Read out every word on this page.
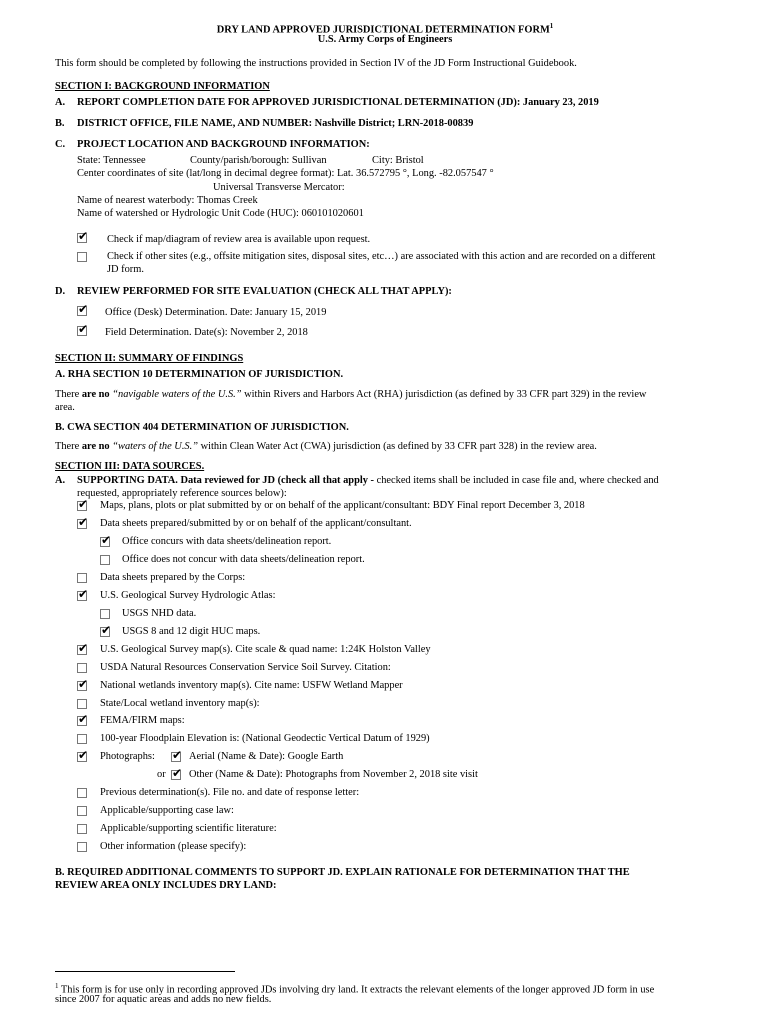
DRY LAND APPROVED JURISDICTIONAL DETERMINATION FORM$^1$
U.S. Army Corps of Engineers
This form should be completed by following the instructions provided in Section IV of the JD Form Instructional Guidebook.
SECTION I: BACKGROUND INFORMATION
A. REPORT COMPLETION DATE FOR APPROVED JURISDICTIONAL DETERMINATION (JD): January 23, 2019
B. DISTRICT OFFICE, FILE NAME, AND NUMBER: Nashville District; LRN-2018-00839
C. PROJECT LOCATION AND BACKGROUND INFORMATION:
State: Tennessee	County/parish/borough: Sullivan	City: Bristol
Center coordinates of site (lat/long in decimal degree format): Lat. 36.572795 °, Long. -82.057547 °
Universal Transverse Mercator:
Name of nearest waterbody: Thomas Creek
Name of watershed or Hydrologic Unit Code (HUC): 060101020601
✔ Check if map/diagram of review area is available upon request.
Check if other sites (e.g., offsite mitigation sites, disposal sites, etc…) are associated with this action and are recorded on a different
JD form.
D. REVIEW PERFORMED FOR SITE EVALUATION (CHECK ALL THAT APPLY):
✔ Office (Desk) Determination. Date: January 15, 2019
✔ Field Determination. Date(s): November 2, 2018
SECTION II: SUMMARY OF FINDINGS
A. RHA SECTION 10 DETERMINATION OF JURISDICTION.
There are no “navigable waters of the U.S.” within Rivers and Harbors Act (RHA) jurisdiction (as defined by 33 CFR part 329) in the review
area.
B. CWA SECTION 404 DETERMINATION OF JURISDICTION.
There are no “waters of the U.S.” within Clean Water Act (CWA) jurisdiction (as defined by 33 CFR part 328) in the review area.
SECTION III: DATA SOURCES.
A. SUPPORTING DATA. Data reviewed for JD (check all that apply - checked items shall be included in case file and, where checked and
requested, appropriately reference sources below):
✔ Maps, plans, plots or plat submitted by or on behalf of the applicant/consultant: BDY Final report December 3, 2018
✔ Data sheets prepared/submitted by or on behalf of the applicant/consultant.
✔ Office concurs with data sheets/delineation report.
Office does not concur with data sheets/delineation report.
Data sheets prepared by the Corps:
✔ U.S. Geological Survey Hydrologic Atlas:
USGS NHD data.
✔ USGS 8 and 12 digit HUC maps.
✔ U.S. Geological Survey map(s). Cite scale & quad name: 1:24K Holston Valley
USDA Natural Resources Conservation Service Soil Survey. Citation:
✔ National wetlands inventory map(s). Cite name: USFW Wetland Mapper
State/Local wetland inventory map(s):
✔ FEMA/FIRM maps:
100-year Floodplain Elevation is: (National Geodectic Vertical Datum of 1929)
✔ Photographs:
Previous determination(s). File no. and date of response letter:
Applicable/supporting case law:
Applicable/supporting scientific literature:
Other information (please specify):
✔ Aerial (Name & Date): Google Earth
or ✔ Other (Name & Date): Photographs from November 2, 2018 site visit
B. REQUIRED ADDITIONAL COMMENTS TO SUPPORT JD. EXPLAIN RATIONALE FOR DETERMINATION THAT THE
REVIEW AREA ONLY INCLUDES DRY LAND:
$^1$ This form is for use only in recording approved JDs involving dry land. It extracts the relevant elements of the longer approved JD form in use
since 2007 for aquatic areas and adds no new fields.
